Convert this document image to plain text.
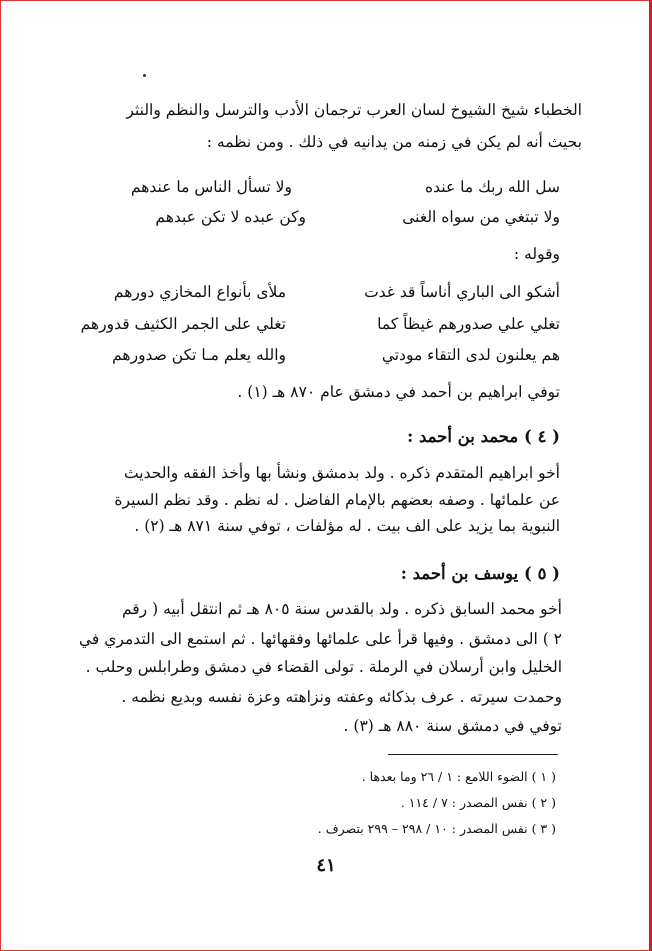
الخطباء شيخ الشيوخ لسان العرب ترجمان الأدب والترسل والنظم والنثر
بحيث أنه لم يكن في زمنه من يدانيه في ذلك . ومن نظمه :
سل الله ربك ما عنده
ولا تسأل الناس ما عندهم
ولا تبتغي من سواه الغنى
وكن عبده لا تكن عبدهم
وقوله :
أشكو الى الباري أناساً قد غدت
ملأى بأنواع المخازي دورهم
تغلي علي صدورهم غيظاً كما
تغلي على الجمر الكثيف قدورهم
هم يعلنون لدى التقاء مودتي
والله يعلم مـا تكن صدورهم
توفي ابراهيم بن أحمد في دمشق عام ٨٧٠ هـ (١) .
( ٤ ) محمد بن أحمد :
أخو ابراهيم المتقدم ذكره . ولد بدمشق ونشأ بها وأخذ الفقه والحديث
عن علمائها . وصفه بعضهم بالإمام الفاضل . له نظم . وقد نظم السيرة
النبوية بما يزيد على الف بيت . له مؤلفات ، توفي سنة ٨٧١ هـ (٢) .
( ٥ ) يوسف بن أحمد :
أخو محمد السابق ذكره . ولد بالقدس سنة ٨٠٥ هـ ثم انتقل أبيه ( رقم
٢ ) الى دمشق . وفيها قرأ على علمائها وفقهائها . ثم استمع الى التدمري في
الخليل وابن أرسلان في الرملة . تولى القضاء في دمشق وطرابلس وحلب .
وحمدت سيرته . عرف بذكائه وعفته ونزاهته وعزة نفسه وبديع نظمه .
توفي في دمشق سنة ٨٨٠ هـ (٣) .
( ١ ) الضوء اللامع : ١ / ٢٦ وما بعدها .
( ٢ ) نفس المصدر : ٧ / ١١٤ .
( ٣ ) نفس المصدر : ١٠ / ٢٩٨ – ٢٩٩ بتصرف .
٤١
